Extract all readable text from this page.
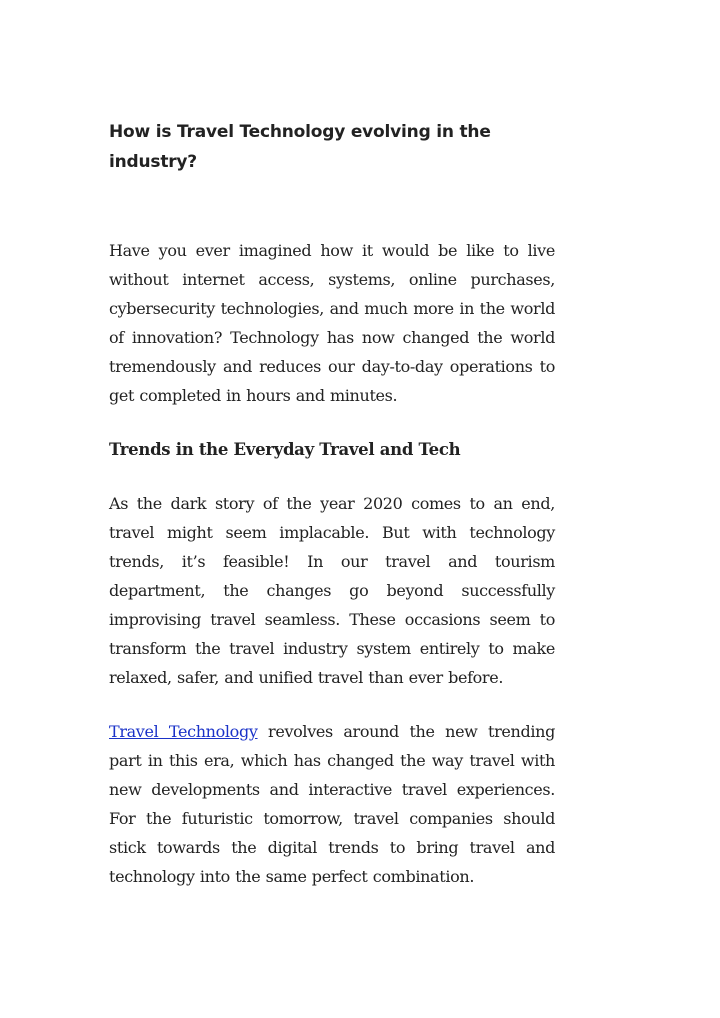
How is Travel Technology evolving in the industry?

Have you ever imagined how it would be like to live without internet access, systems, online purchases, cybersecurity technologies, and much more in the world of innovation? Technology has now changed the world tremendously and reduces our day-to-day operations to get completed in hours and minutes.

Trends in the Everyday Travel and Tech

As the dark story of the year 2020 comes to an end, travel might seem implacable. But with technology trends, it’s feasible! In our travel and tourism department, the changes go beyond successfully improvising travel seamless. These occasions seem to transform the travel industry system entirely to make relaxed, safer, and unified travel than ever before.

Travel Technology revolves around the new trending part in this era, which has changed the way travel with new developments and interactive travel experiences. For the futuristic tomorrow, travel companies should stick towards the digital trends to bring travel and technology into the same perfect combination.
